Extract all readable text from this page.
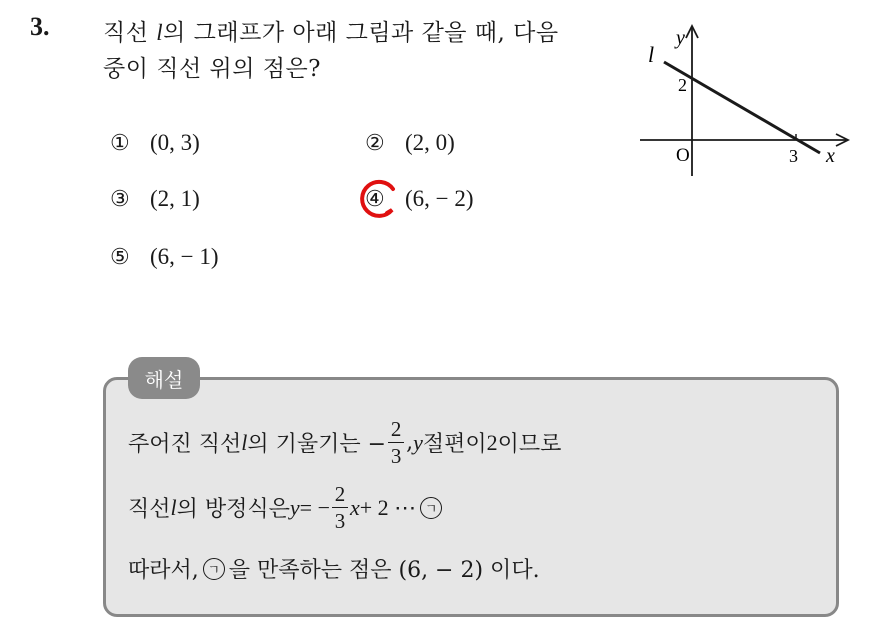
3. 직선 l의 그래프가 아래 그림과 같을 때, 다음
중이 직선 위의 점은?
① (0, 3)	② (2, 0)
③ (2, 1)	④ (6, − 2)
⑤ (6, − 1)
l
y
x
2
O	3
해설
주어진 직선 l 의 기울기는 − $\frac{2}{3}$ , y 절편이 2 이므로
직선 l 의 방정식은 y = − $\frac{2}{3}$ x + 2 ⋯ ㄱ
따라서, ㄱ 을 만족하는 점은 (6, − 2) 이다.
